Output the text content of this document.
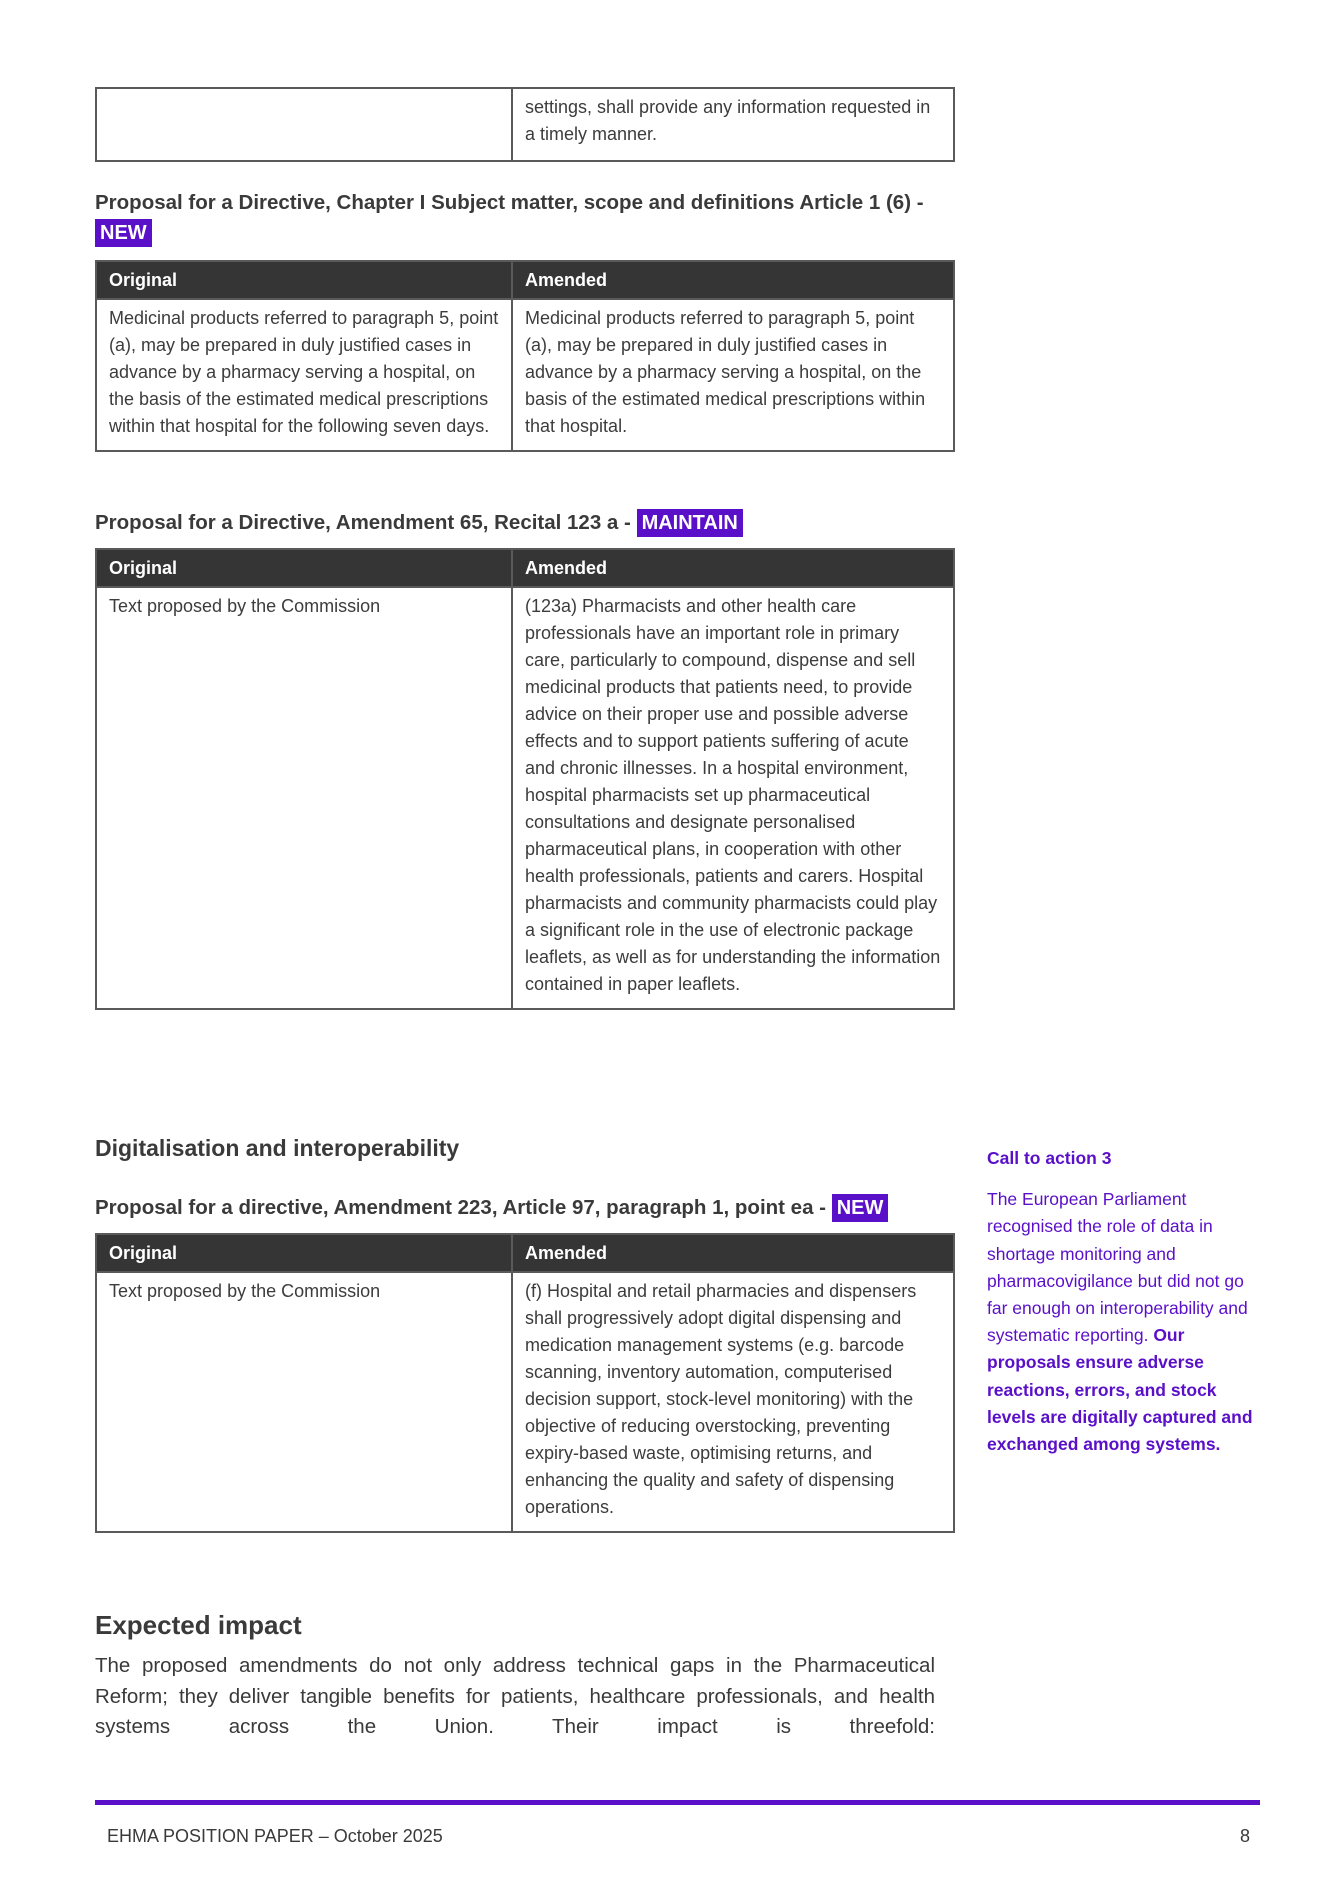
	settings, shall provide any information requested in a timely manner.
Proposal for a Directive, Chapter I Subject matter, scope and definitions Article 1 (6) - NEW
Original	Amended
Medicinal products referred to paragraph 5, point (a), may be prepared in duly justified cases in advance by a pharmacy serving a hospital, on the basis of the estimated medical prescriptions within that hospital for the following seven days.	Medicinal products referred to paragraph 5, point (a), may be prepared in duly justified cases in advance by a pharmacy serving a hospital, on the basis of the estimated medical prescriptions within that hospital.
Proposal for a Directive, Amendment 65, Recital 123 a - MAINTAIN
Original	Amended
Text proposed by the Commission	(123a) Pharmacists and other health care professionals have an important role in primary care, particularly to compound, dispense and sell medicinal products that patients need, to provide advice on their proper use and possible adverse effects and to support patients suffering of acute and chronic illnesses. In a hospital environment, hospital pharmacists set up pharmaceutical consultations and designate personalised pharmaceutical plans, in cooperation with other health professionals, patients and carers. Hospital pharmacists and community pharmacists could play a significant role in the use of electronic package leaflets, as well as for understanding the information contained in paper leaflets.
Digitalisation and interoperability
Proposal for a directive, Amendment 223, Article 97, paragraph 1, point ea - NEW
Original	Amended
Text proposed by the Commission	(f) Hospital and retail pharmacies and dispensers shall progressively adopt digital dispensing and medication management systems (e.g. barcode scanning, inventory automation, computerised decision support, stock-level monitoring) with the objective of reducing overstocking, preventing expiry-based waste, optimising returns, and enhancing the quality and safety of dispensing operations.
Call to action 3
The European Parliament recognised the role of data in shortage monitoring and pharmacovigilance but did not go far enough on interoperability and systematic reporting. Our proposals ensure adverse reactions, errors, and stock levels are digitally captured and exchanged among systems.
Expected impact
The proposed amendments do not only address technical gaps in the Pharmaceutical Reform; they deliver tangible benefits for patients, healthcare professionals, and health systems across the Union. Their impact is threefold:
EHMA POSITION PAPER – October 2025	8
